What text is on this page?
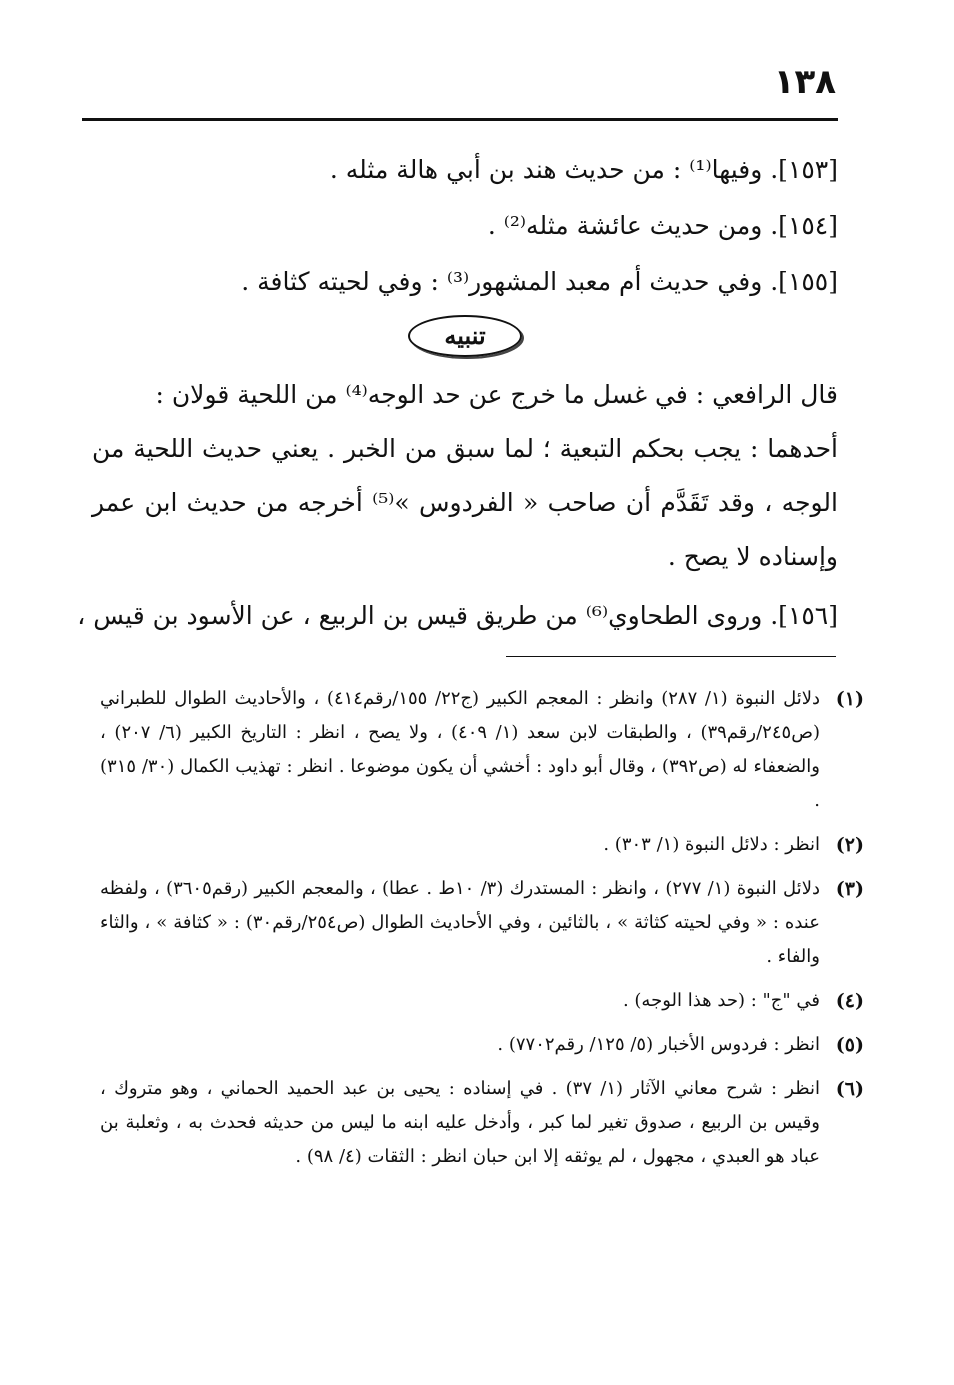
١٣٨
[١٥٣]. وفيها⁽¹⁾ : من حديث هند بن أبي هالة مثله .
[١٥٤]. ومن حديث عائشة مثله⁽²⁾ .
[١٥٥]. وفي حديث أم معبد المشهور⁽³⁾ : وفي لحيته كثافة .
تنبيه
قال الرافعي : في غسل ما خرج عن حد الوجه⁽⁴⁾ من اللحية قولان :
أحدهما : يجب بحكم التبعية ؛ لما سبق من الخبر . يعني حديث اللحية من الوجه ، وقد تَقَدَّم أن صاحب « الفردوس »⁽⁵⁾ أخرجه من حديث ابن عمر وإسناده لا يصح .
[١٥٦]. وروى الطحاوي⁽⁶⁾ من طريق قيس بن الربيع ، عن الأسود بن قيس ،
(١)
دلائل النبوة (١/ ٢٨٧) وانظر : المعجم الكبير (ج٢٢/ ١٥٥/رقم٤١٤) ، والأحاديث الطوال للطبراني (ص٢٤٥/رقم٣٩) ، والطبقات لابن سعد (١/ ٤٠٩) ، ولا يصح ، انظر : التاريخ الكبير (٦/ ٢٠٧) ، والضعفاء له (ص٣٩٢) ، وقال أبو داود : أخشي أن يكون موضوعا . انظر : تهذيب الكمال (٣٠/ ٣١٥) .
(٢)
انظر : دلائل النبوة (١/ ٣٠٣) .
(٣)
دلائل النبوة (١/ ٢٧٧) ، وانظر : المستدرك (٣/ ١٠ط . عطا) ، والمعجم الكبير (رقم٣٦٠٥) ، ولفظه عنده : « وفي لحيته كثاثة » ، بالثائين ، وفي الأحاديث الطوال (ص٢٥٤/رقم٣٠) : « كثافة » ، والثاء والفاء .
(٤)
في "ج" : (حد هذا الوجه) .
(٥)
انظر : فردوس الأخبار (٥/ ١٢٥/ رقم٧٧٠٢) .
(٦)
انظر : شرح معاني الآثار (١/ ٣٧) . في إسناده : يحيى بن عبد الحميد الحماني ، وهو متروك ، وقيس بن الربيع ، صدوق تغير لما كبر ، وأدخل عليه ابنه ما ليس من حديثه فحدث به ، وثعلبة بن عباد هو العبدي ، مجهول ، لم يوثقه إلا ابن حبان انظر : الثقات (٤/ ٩٨) .
